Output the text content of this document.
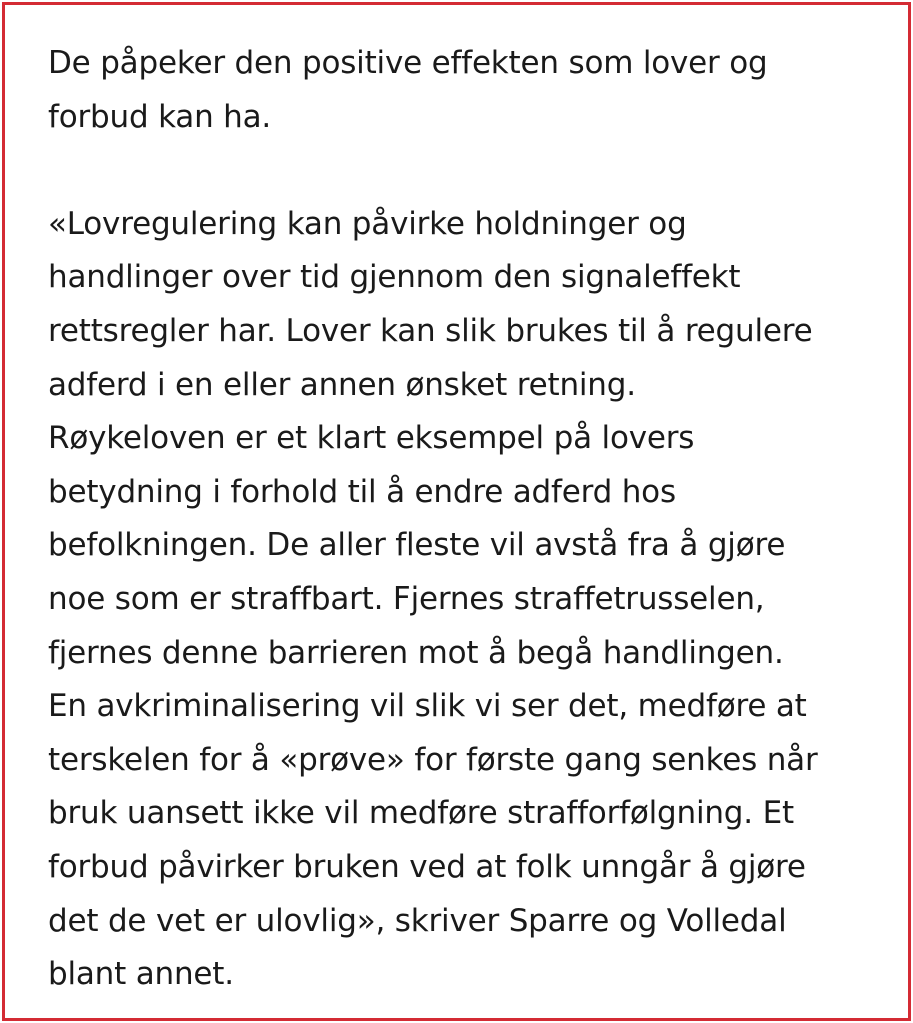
De påpeker den positive effekten som lover og
forbud kan ha.

«Lovregulering kan påvirke holdninger og
handlinger over tid gjennom den signaleffekt
rettsregler har. Lover kan slik brukes til å regulere
adferd i en eller annen ønsket retning.
Røykeloven er et klart eksempel på lovers
betydning i forhold til å endre adferd hos
befolkningen. De aller fleste vil avstå fra å gjøre
noe som er straffbart. Fjernes straffetrusselen,
fjernes denne barrieren mot å begå handlingen.
En avkriminalisering vil slik vi ser det, medføre at
terskelen for å «prøve» for første gang senkes når
bruk uansett ikke vil medføre strafforfølgning. Et
forbud påvirker bruken ved at folk unngår å gjøre
det de vet er ulovlig», skriver Sparre og Volledal
blant annet.
